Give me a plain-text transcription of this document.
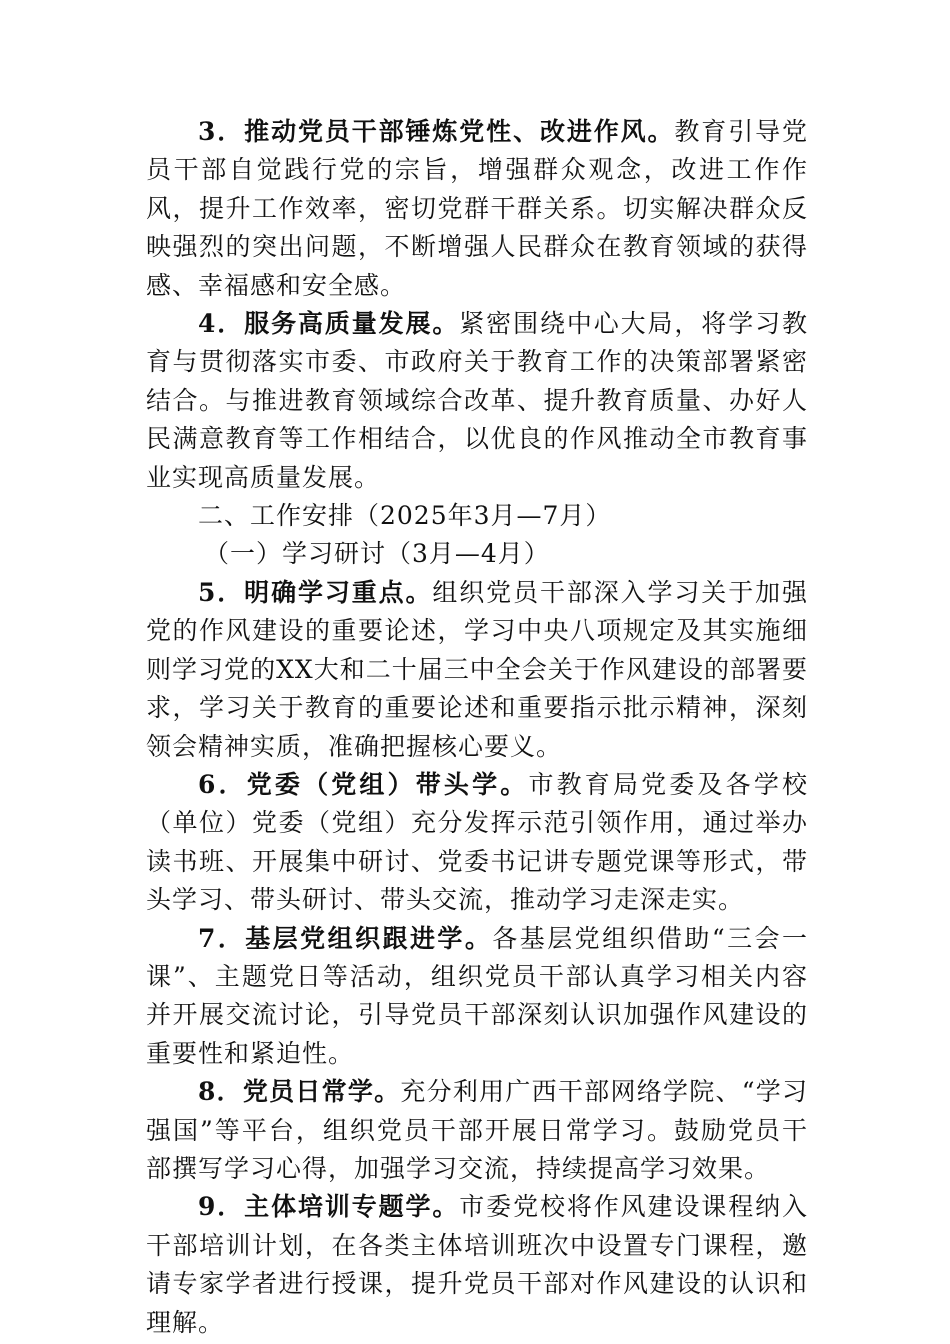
3．推动党员干部锤炼党性、改进作风。教育引导党员干部自觉践行党的宗旨，增强群众观念，改进工作作风，提升工作效率，密切党群干群关系。切实解决群众反映强烈的突出问题，不断增强人民群众在教育领域的获得感、幸福感和安全感。

4．服务高质量发展。紧密围绕中心大局，将学习教育与贯彻落实市委、市政府关于教育工作的决策部署紧密结合。与推进教育领域综合改革、提升教育质量、办好人民满意教育等工作相结合，以优良的作风推动全市教育事业实现高质量发展。

二、工作安排（2025年3月—7月）

（一）学习研讨（3月—4月）

5．明确学习重点。组织党员干部深入学习关于加强党的作风建设的重要论述，学习中央八项规定及其实施细则学习党的XX大和二十届三中全会关于作风建设的部署要求，学习关于教育的重要论述和重要指示批示精神，深刻领会精神实质，准确把握核心要义。

6．党委（党组）带头学。市教育局党委及各学校（单位）党委（党组）充分发挥示范引领作用，通过举办读书班、开展集中研讨、党委书记讲专题党课等形式，带头学习、带头研讨、带头交流，推动学习走深走实。

7．基层党组织跟进学。各基层党组织借助“三会一课”、主题党日等活动，组织党员干部认真学习相关内容并开展交流讨论，引导党员干部深刻认识加强作风建设的重要性和紧迫性。

8．党员日常学。充分利用广西干部网络学院、“学习强国”等平台，组织党员干部开展日常学习。鼓励党员干部撰写学习心得，加强学习交流，持续提高学习效果。

9．主体培训专题学。市委党校将作风建设课程纳入干部培训计划，在各类主体培训班次中设置专门课程，邀请专家学者进行授课，提升党员干部对作风建设的认识和理解。
